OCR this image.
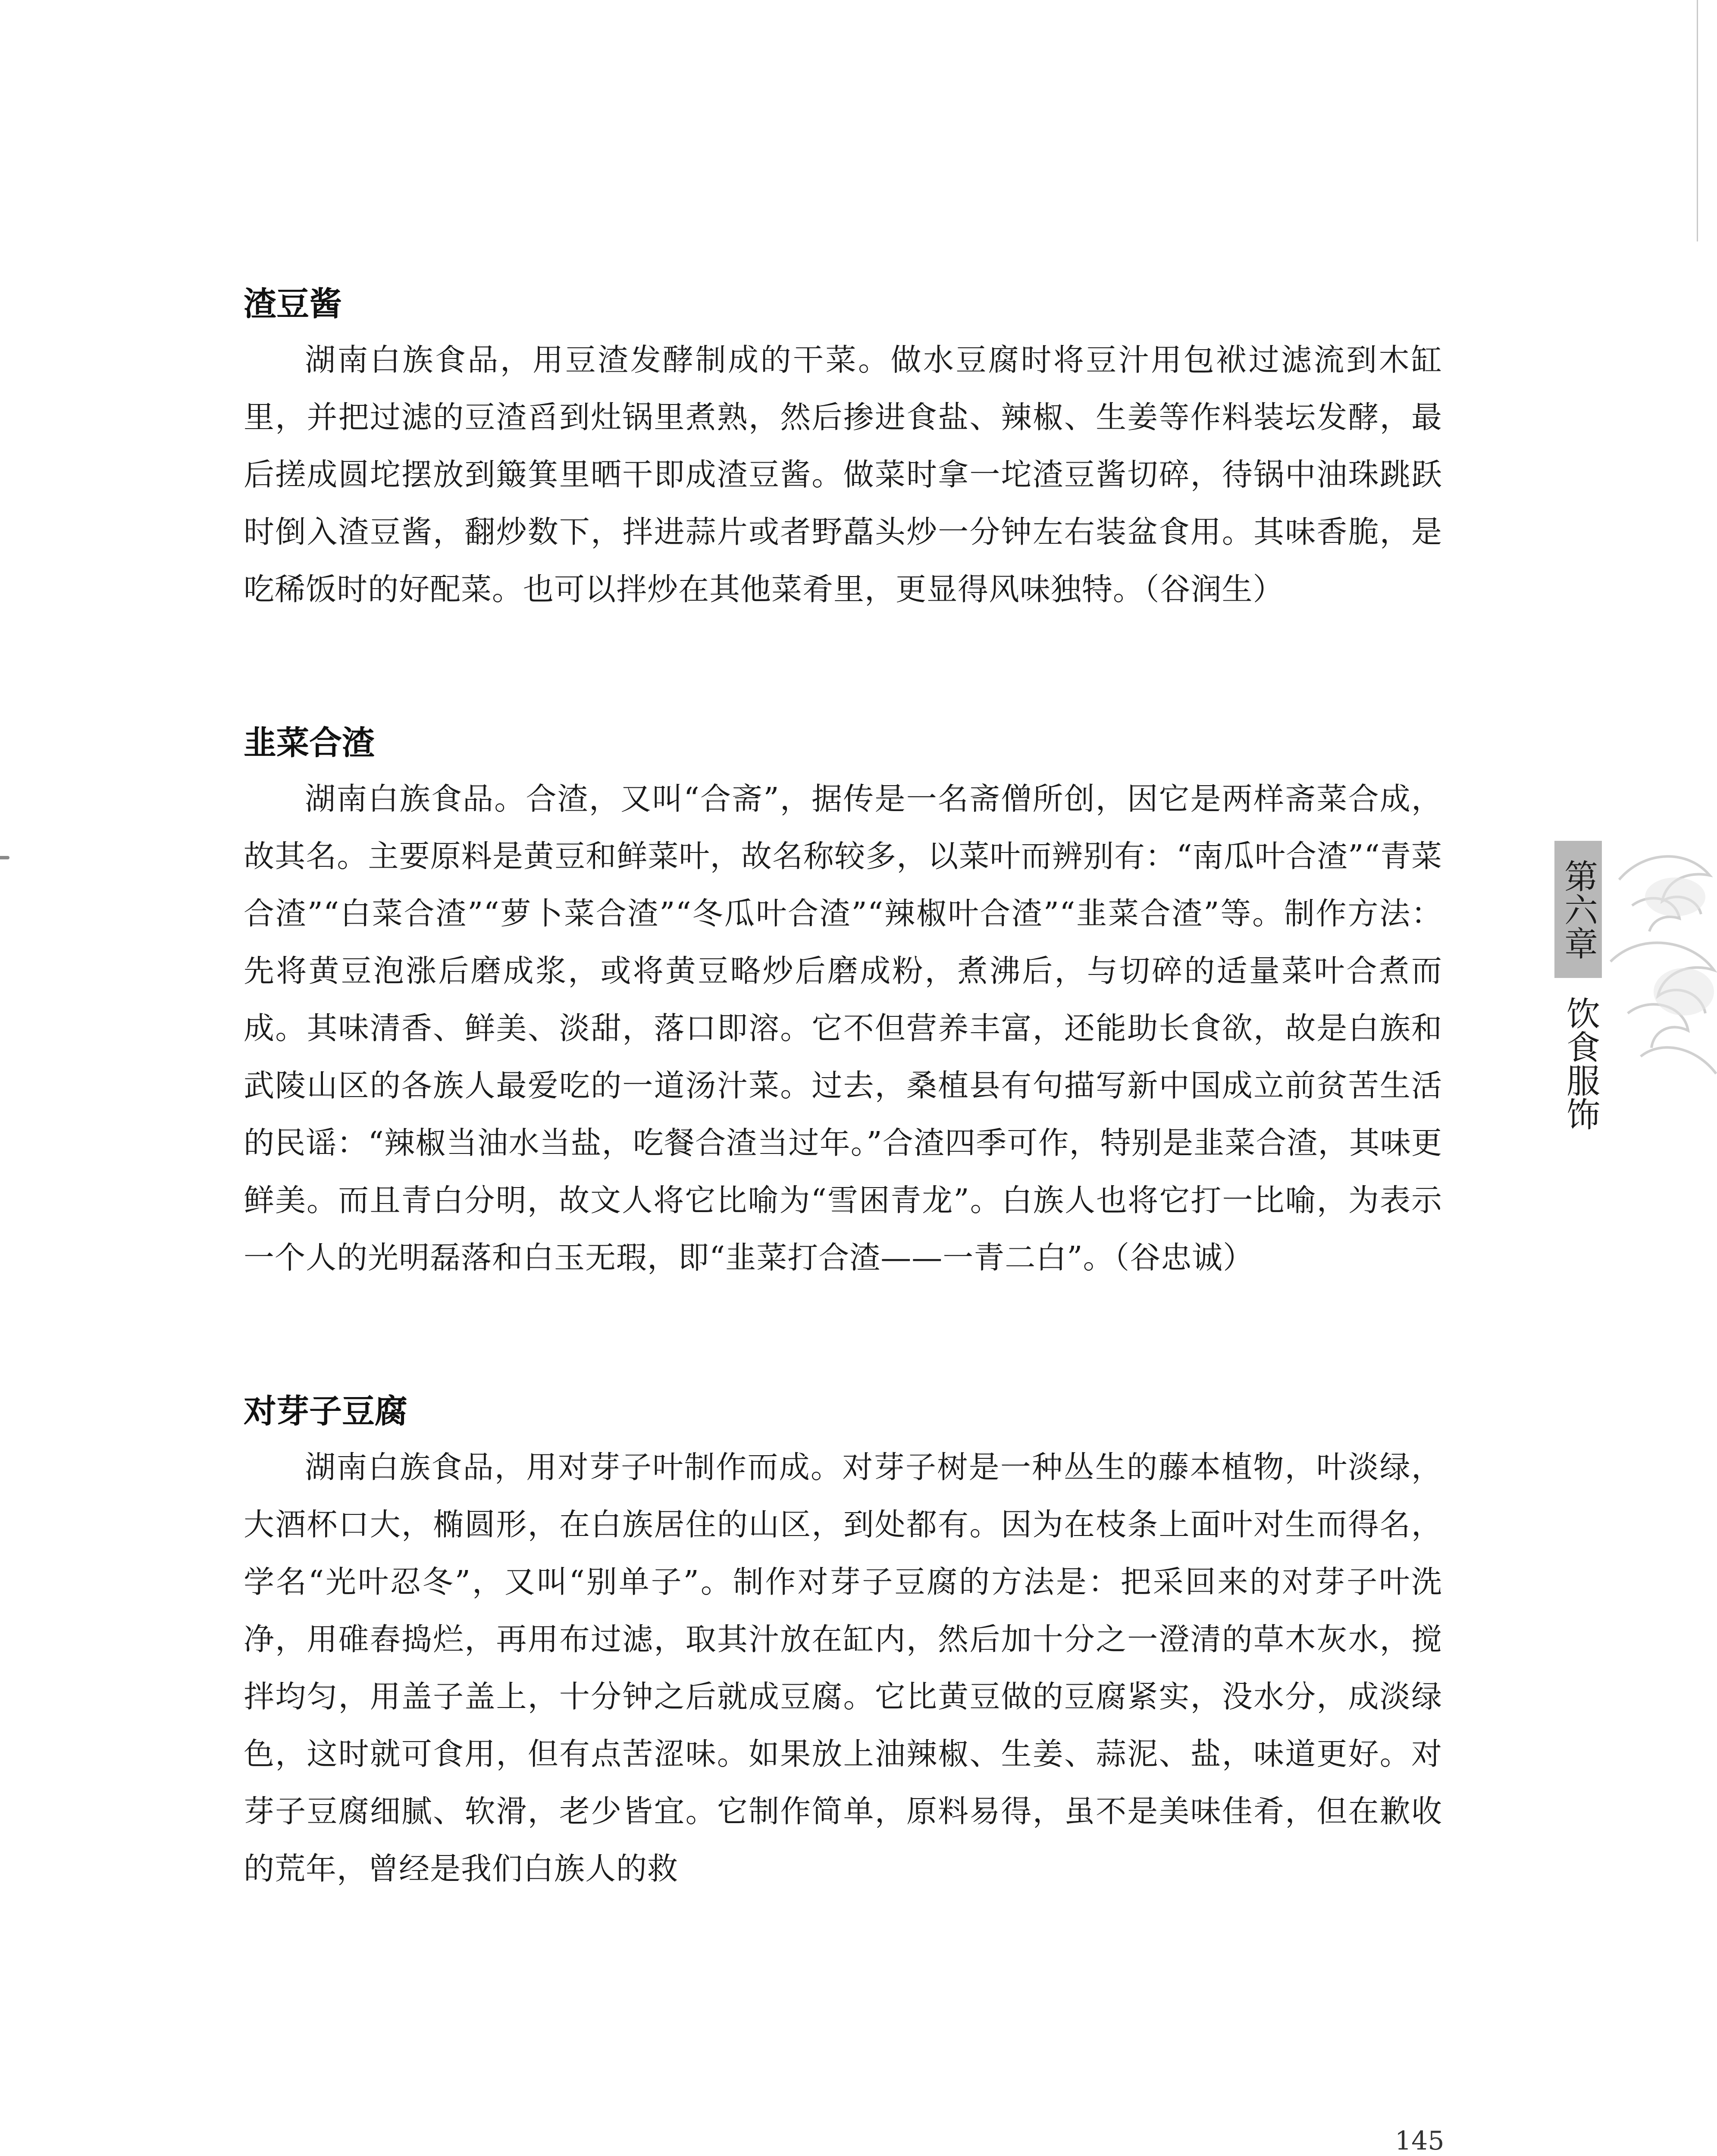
渣豆酱

湖南白族食品，用豆渣发酵制成的干菜。做水豆腐时将豆汁用包袱过滤流到木缸里，并把过滤的豆渣舀到灶锅里煮熟，然后掺进食盐、辣椒、生姜等作料装坛发酵，最后搓成圆坨摆放到簸箕里晒干即成渣豆酱。做菜时拿一坨渣豆酱切碎，待锅中油珠跳跃时倒入渣豆酱，翻炒数下，拌进蒜片或者野藠头炒一分钟左右装盆食用。其味香脆，是吃稀饭时的好配菜。也可以拌炒在其他菜肴里，更显得风味独特。（谷润生）

韭菜合渣

湖南白族食品。合渣，又叫“合斋”，据传是一名斋僧所创，因它是两样斋菜合成，故其名。主要原料是黄豆和鲜菜叶，故名称较多，以菜叶而辨别有：“南瓜叶合渣”“青菜合渣”“白菜合渣”“萝卜菜合渣”“冬瓜叶合渣”“辣椒叶合渣”“韭菜合渣”等。制作方法：先将黄豆泡涨后磨成浆，或将黄豆略炒后磨成粉，煮沸后，与切碎的适量菜叶合煮而成。其味清香、鲜美、淡甜，落口即溶。它不但营养丰富，还能助长食欲，故是白族和武陵山区的各族人最爱吃的一道汤汁菜。过去，桑植县有句描写新中国成立前贫苦生活的民谣：“辣椒当油水当盐，吃餐合渣当过年。”合渣四季可作，特别是韭菜合渣，其味更鲜美。而且青白分明，故文人将它比喻为“雪困青龙”。白族人也将它打一比喻，为表示一个人的光明磊落和白玉无瑕，即“韭菜打合渣——一青二白”。（谷忠诚）

对芽子豆腐

湖南白族食品，用对芽子叶制作而成。对芽子树是一种丛生的藤本植物，叶淡绿，大酒杯口大，椭圆形，在白族居住的山区，到处都有。因为在枝条上面叶对生而得名，学名“光叶忍冬”，又叫“别单子”。制作对芽子豆腐的方法是：把采回来的对芽子叶洗净，用碓舂捣烂，再用布过滤，取其汁放在缸内，然后加十分之一澄清的草木灰水，搅拌均匀，用盖子盖上，十分钟之后就成豆腐。它比黄豆做的豆腐紧实，没水分，成淡绿色，这时就可食用，但有点苦涩味。如果放上油辣椒、生姜、蒜泥、盐，味道更好。对芽子豆腐细腻、软滑，老少皆宜。它制作简单，原料易得，虽不是美味佳肴，但在歉收的荒年，曾经是我们白族人的救

第六章
饮食服饰
145
